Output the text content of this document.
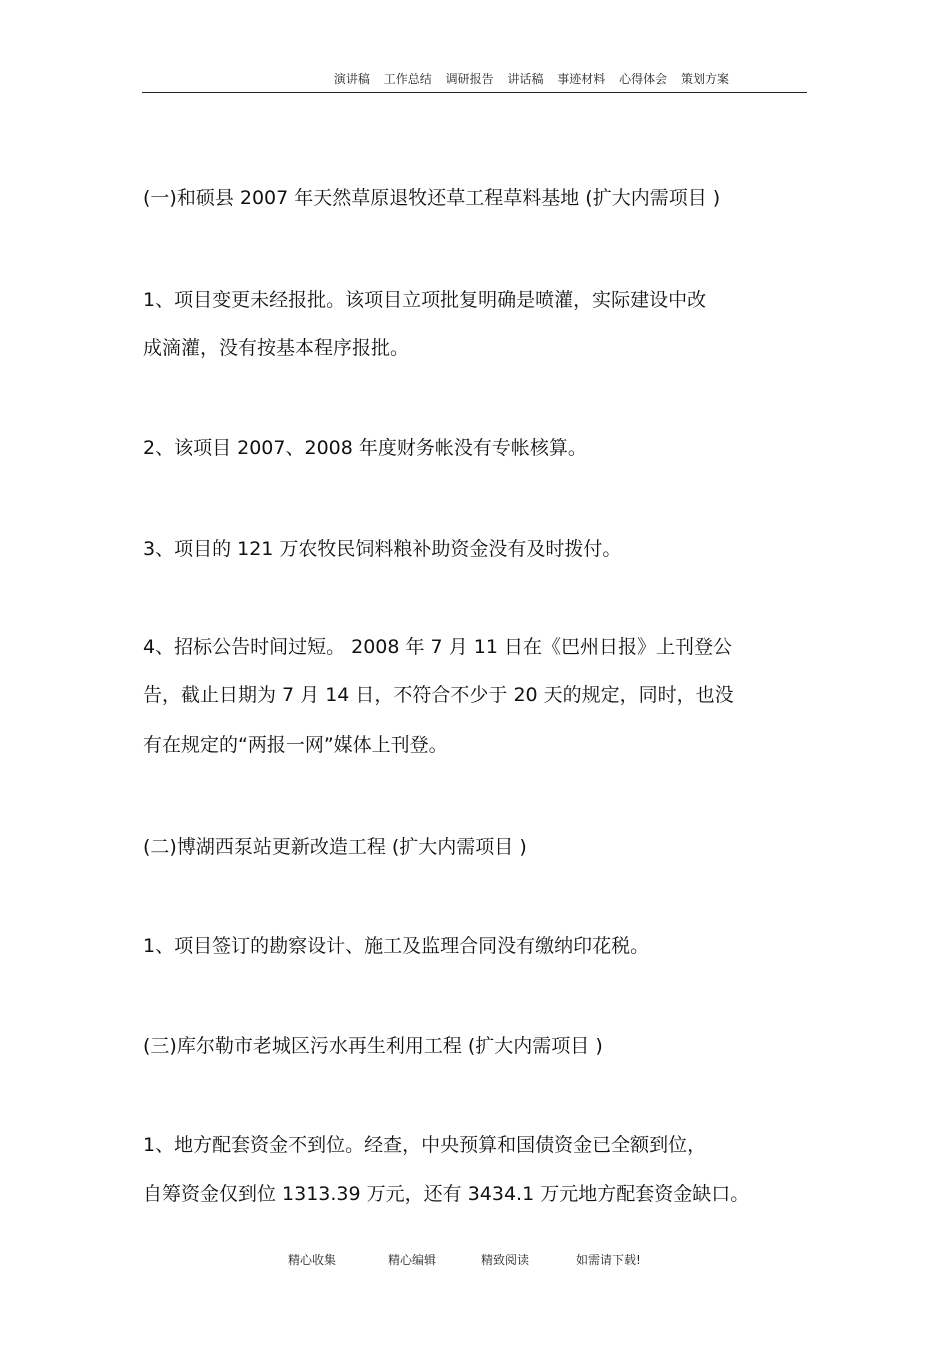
演讲稿 工作总结 调研报告 讲话稿 事迹材料 心得体会 策划方案
(一)和硕县 2007 年天然草原退牧还草工程草料基地 (扩大内需项目 )
1、项目变更未经报批。该项目立项批复明确是喷灌，实际建设中改
成滴灌，没有按基本程序报批。
2、该项目 2007、2008 年度财务帐没有专帐核算。
3、项目的 121 万农牧民饲料粮补助资金没有及时拨付。
4、招标公告时间过短。 2008 年 7 月 11 日在《巴州日报》上刊登公
告，截止日期为 7 月 14 日，不符合不少于 20 天的规定，同时，也没
有在规定的“两报一网”媒体上刊登。
(二)博湖西泵站更新改造工程 (扩大内需项目 )
1、项目签订的勘察设计、施工及监理合同没有缴纳印花税。
(三)库尔勒市老城区污水再生利用工程 (扩大内需项目 )
1、地方配套资金不到位。经查，中央预算和国债资金已全额到位，
自筹资金仅到位 1313.39 万元，还有 3434.1 万元地方配套资金缺口。
精心收集	精心编辑	精致阅读	如需请下载!
